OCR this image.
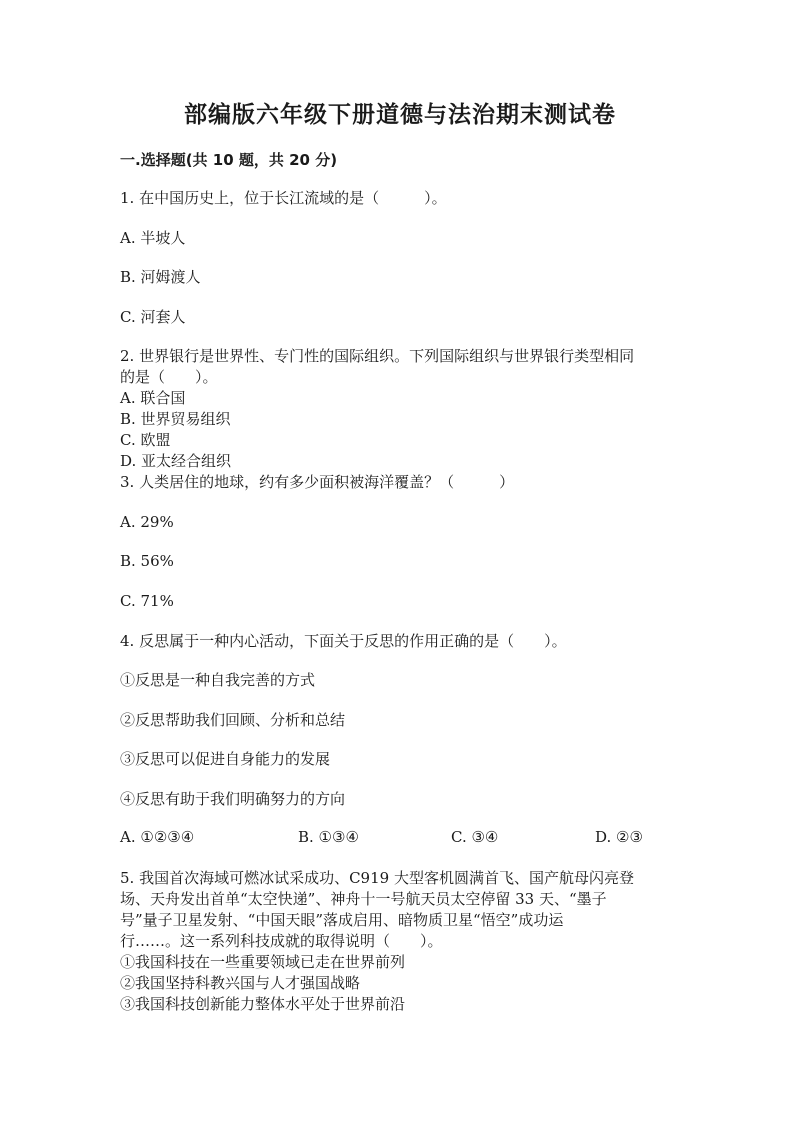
部编版六年级下册道德与法治期末测试卷
一.选择题(共 10 题，共 20 分)
1. 在中国历史上，位于长江流域的是（　　　）。
A. 半坡人
B. 河姆渡人
C. 河套人
2. 世界银行是世界性、专门性的国际组织。下列国际组织与世界银行类型相同
的是（　　）。
A. 联合国
B. 世界贸易组织
C. 欧盟
D. 亚太经合组织
3. 人类居住的地球，约有多少面积被海洋覆盖？（　　　）
A. 29%
B. 56%
C. 71%
4. 反思属于一种内心活动，下面关于反思的作用正确的是（　　）。
①反思是一种自我完善的方式
②反思帮助我们回顾、分析和总结
③反思可以促进自身能力的发展
④反思有助于我们明确努力的方向
A. ①②③④	B. ①③④	C. ③④	D. ②③
5. 我国首次海域可燃冰试采成功、C919 大型客机圆满首飞、国产航母闪亮登
场、天舟发出首单“太空快递”、神舟十一号航天员太空停留 33 天、“墨子
号”量子卫星发射、“中国天眼”落成启用、暗物质卫星“悟空”成功运
行……。这一系列科技成就的取得说明（　　）。
①我国科技在一些重要领域已走在世界前列
②我国坚持科教兴国与人才强国战略
③我国科技创新能力整体水平处于世界前沿
